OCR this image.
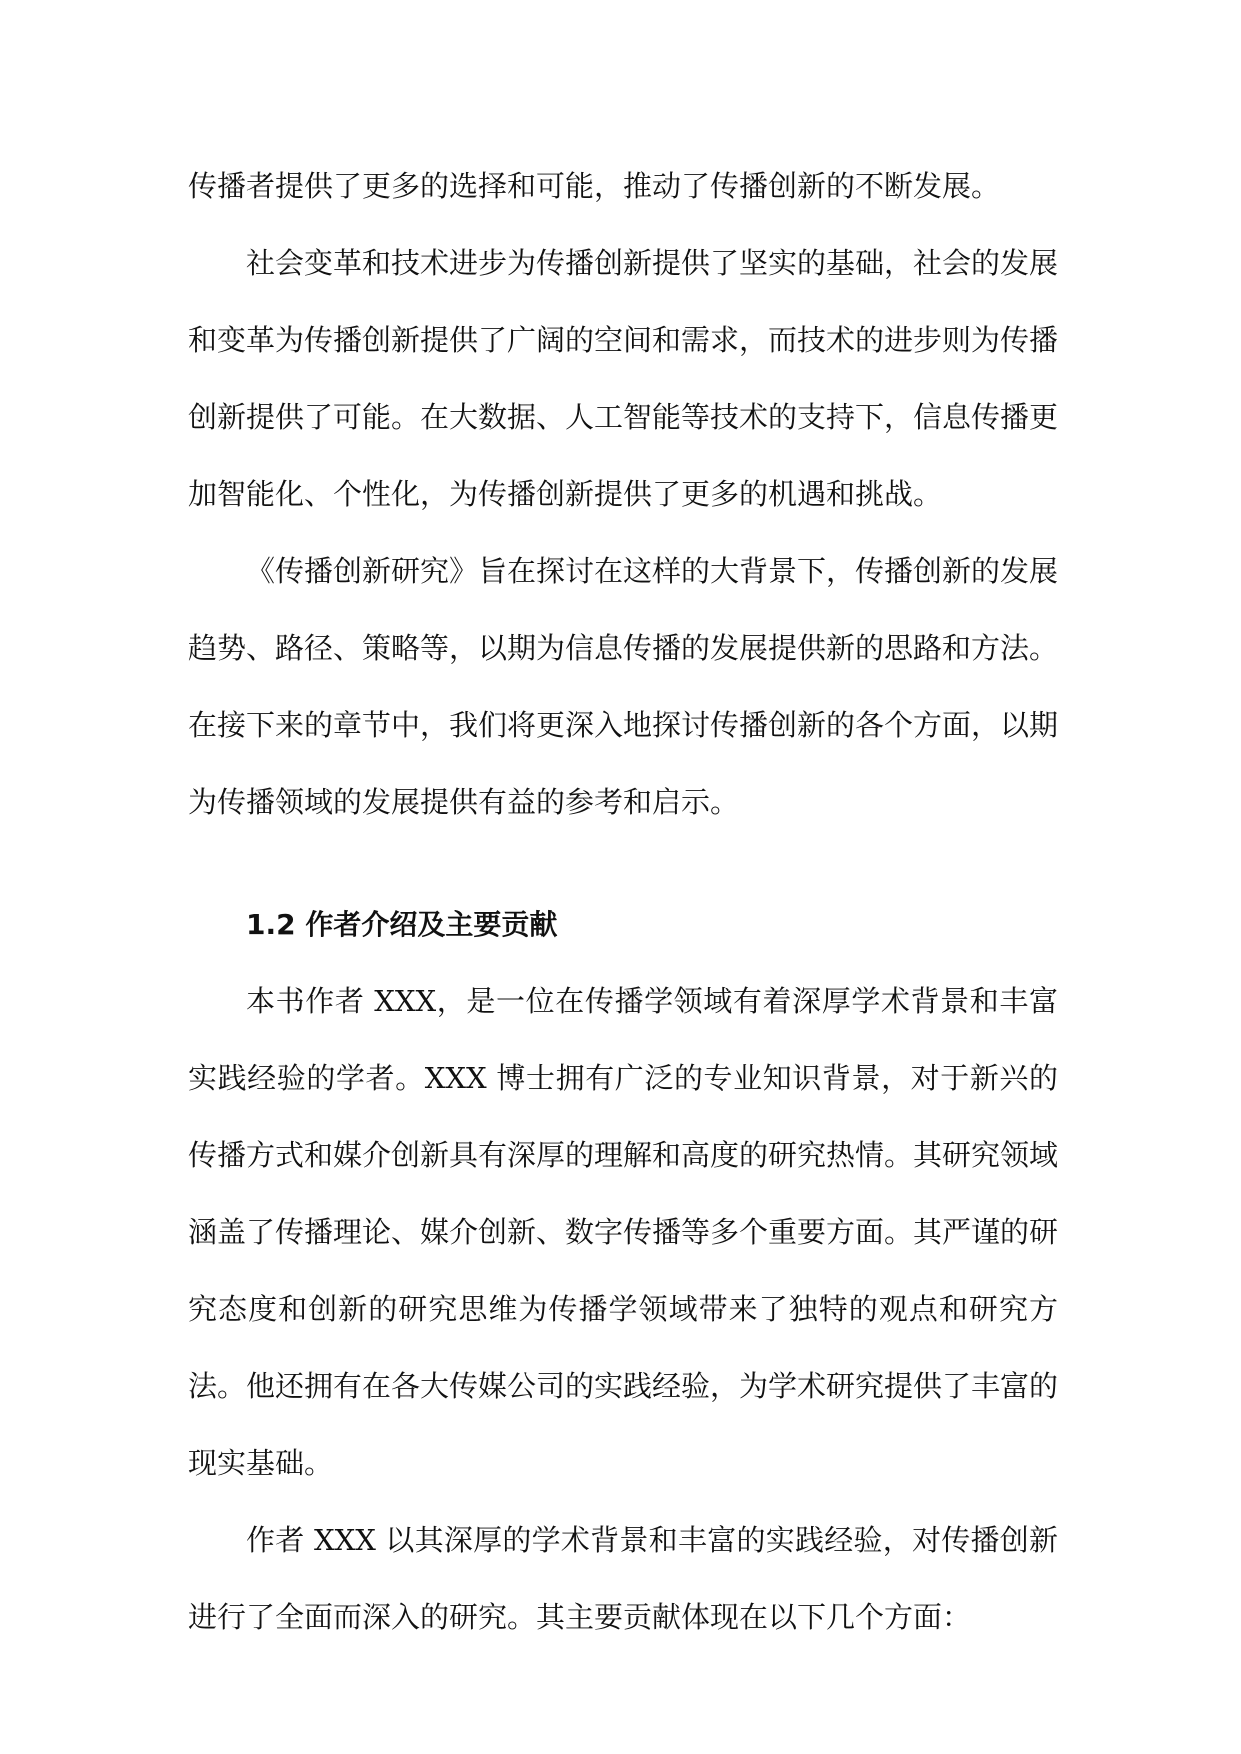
传播者提供了更多的选择和可能，推动了传播创新的不断发展。

社会变革和技术进步为传播创新提供了坚实的基础，社会的发展和变革为传播创新提供了广阔的空间和需求，而技术的进步则为传播创新提供了可能。在大数据、人工智能等技术的支持下，信息传播更加智能化、个性化，为传播创新提供了更多的机遇和挑战。

《传播创新研究》旨在探讨在这样的大背景下，传播创新的发展趋势、路径、策略等，以期为信息传播的发展提供新的思路和方法。在接下来的章节中，我们将更深入地探讨传播创新的各个方面，以期为传播领域的发展提供有益的参考和启示。

1.2 作者介绍及主要贡献

本书作者 XXX，是一位在传播学领域有着深厚学术背景和丰富实践经验的学者。XXX 博士拥有广泛的专业知识背景，对于新兴的传播方式和媒介创新具有深厚的理解和高度的研究热情。其研究领域涵盖了传播理论、媒介创新、数字传播等多个重要方面。其严谨的研究态度和创新的研究思维为传播学领域带来了独特的观点和研究方法。他还拥有在各大传媒公司的实践经验，为学术研究提供了丰富的现实基础。

作者 XXX 以其深厚的学术背景和丰富的实践经验，对传播创新进行了全面而深入的研究。其主要贡献体现在以下几个方面：
